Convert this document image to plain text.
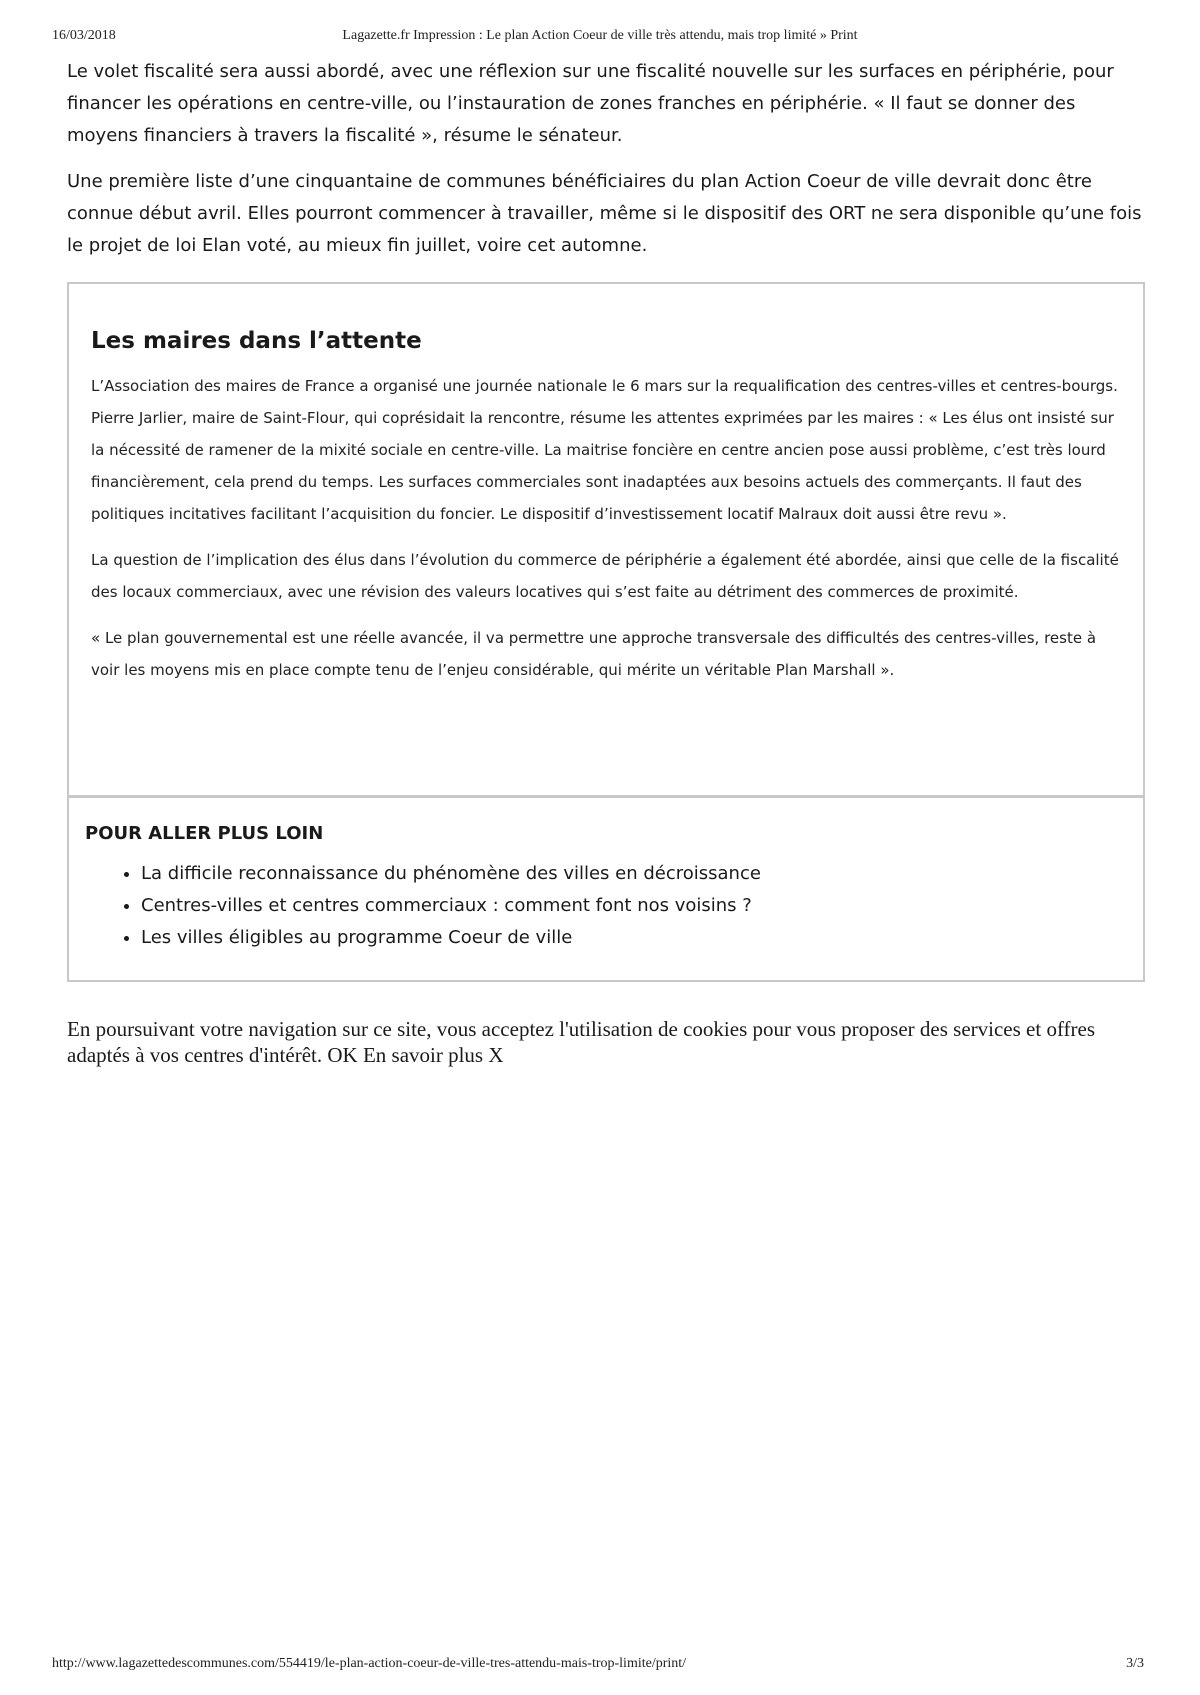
16/03/2018	Lagazette.fr Impression : Le plan Action Coeur de ville très attendu, mais trop limité » Print

Le volet fiscalité sera aussi abordé, avec une réflexion sur une fiscalité nouvelle sur les surfaces en périphérie, pour financer les opérations en centre-ville, ou l’instauration de zones franches en périphérie. « Il faut se donner des moyens financiers à travers la fiscalité », résume le sénateur.

Une première liste d’une cinquantaine de communes bénéficiaires du plan Action Coeur de ville devrait donc être connue début avril. Elles pourront commencer à travailler, même si le dispositif des ORT ne sera disponible qu’une fois le projet de loi Elan voté, au mieux fin juillet, voire cet automne.

Les maires dans l’attente

L’Association des maires de France a organisé une journée nationale le 6 mars sur la requalification des centres-villes et centres-bourgs. Pierre Jarlier, maire de Saint-Flour, qui coprésidait la rencontre, résume les attentes exprimées par les maires : « Les élus ont insisté sur la nécessité de ramener de la mixité sociale en centre-ville. La maitrise foncière en centre ancien pose aussi problème, c’est très lourd financièrement, cela prend du temps. Les surfaces commerciales sont inadaptées aux besoins actuels des commerçants. Il faut des politiques incitatives facilitant l’acquisition du foncier. Le dispositif d’investissement locatif Malraux doit aussi être revu ».

La question de l’implication des élus dans l’évolution du commerce de périphérie a également été abordée, ainsi que celle de la fiscalité des locaux commerciaux, avec une révision des valeurs locatives qui s’est faite au détriment des commerces de proximité.

« Le plan gouvernemental est une réelle avancée, il va permettre une approche transversale des difficultés des centres-villes, reste à voir les moyens mis en place compte tenu de l’enjeu considérable, qui mérite un véritable Plan Marshall ».

POUR ALLER PLUS LOIN
• La difficile reconnaissance du phénomène des villes en décroissance
• Centres-villes et centres commerciaux : comment font nos voisins ?
• Les villes éligibles au programme Coeur de ville
En poursuivant votre navigation sur ce site, vous acceptez l'utilisation de cookies pour vous proposer des services et offres adaptés à vos centres d'intérêt. OK En savoir plus X
http://www.lagazettedescommunes.com/554419/le-plan-action-coeur-de-ville-tres-attendu-mais-trop-limite/print/	3/3
